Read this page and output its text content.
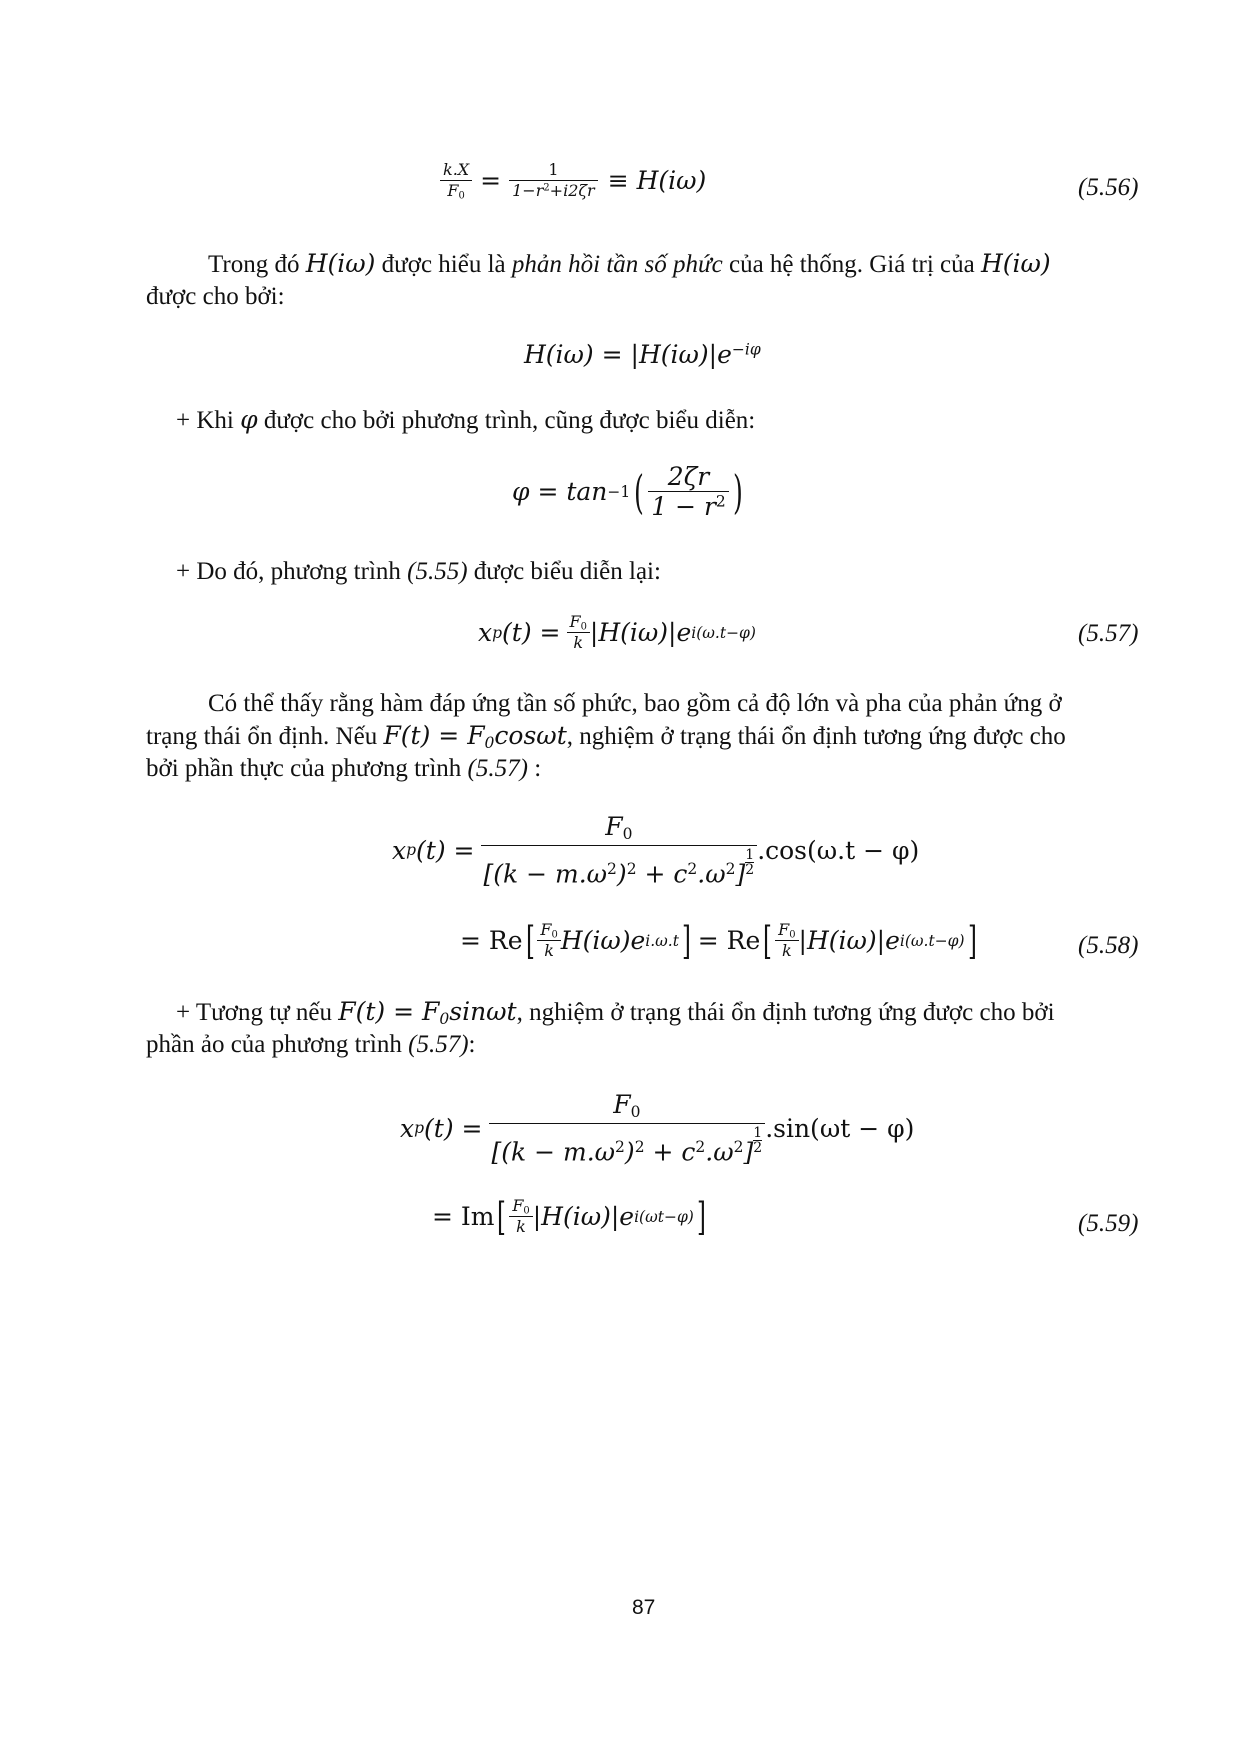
$\frac{k.X}{F_0} = \frac{1}{1-r^2+i2\zeta r} \equiv H(i\omega)$	(5.56)
Trong đó H(iω) được hiểu là phản hồi tần số phức của hệ thống. Giá trị của H(iω)
được cho bởi:
$H(i\omega) = |H(i\omega)|e^{-i\varphi}$
+ Khi φ được cho bởi phương trình, cũng được biểu diễn:
φ = tan −1 ( $\frac{2\zeta r}{1 - r^2}$ )
+ Do đó, phương trình (5.55) được biểu diễn lại:
x p $(t) = \frac{F_0}{k} |H(i\omega)|e$ i(ω.t−φ)	(5.57)
Có thể thấy rằng hàm đáp ứng tần số phức, bao gồm cả độ lớn và pha của phản ứng ở
trạng thái ổn định. Nếu $F(t) = F_0\cos\omega t$, nghiệm ở trạng thái ổn định tương ứng được cho
bởi phần thực của phương trình (5.57) :
x p $(t) = \frac{F_0}{[(k - m.\omega^2)^2 + c^2.\omega^2] \frac{1}{2}} .\cos(\omega.t - \varphi)$
= Re [ $\frac{F_0}{k} H(i\omega)e$ i.ω.t ] = Re [ $\frac{F_0}{k} |H(i\omega)|e$ i(ω.t−φ) ]	(5.58)
+ Tương tự nếu $F(t) = F_0\sin\omega t$, nghiệm ở trạng thái ổn định tương ứng được cho bởi
phần ảo của phương trình (5.57):
x p $(t) = \frac{F_0}{[(k - m.\omega^2)^2 + c^2.\omega^2] \frac{1}{2}} .\sin(\omega t - \varphi)$
= Im [ $\frac{F_0}{k} |H(i\omega)|e$ i(ωt−φ) ]	(5.59)
87
